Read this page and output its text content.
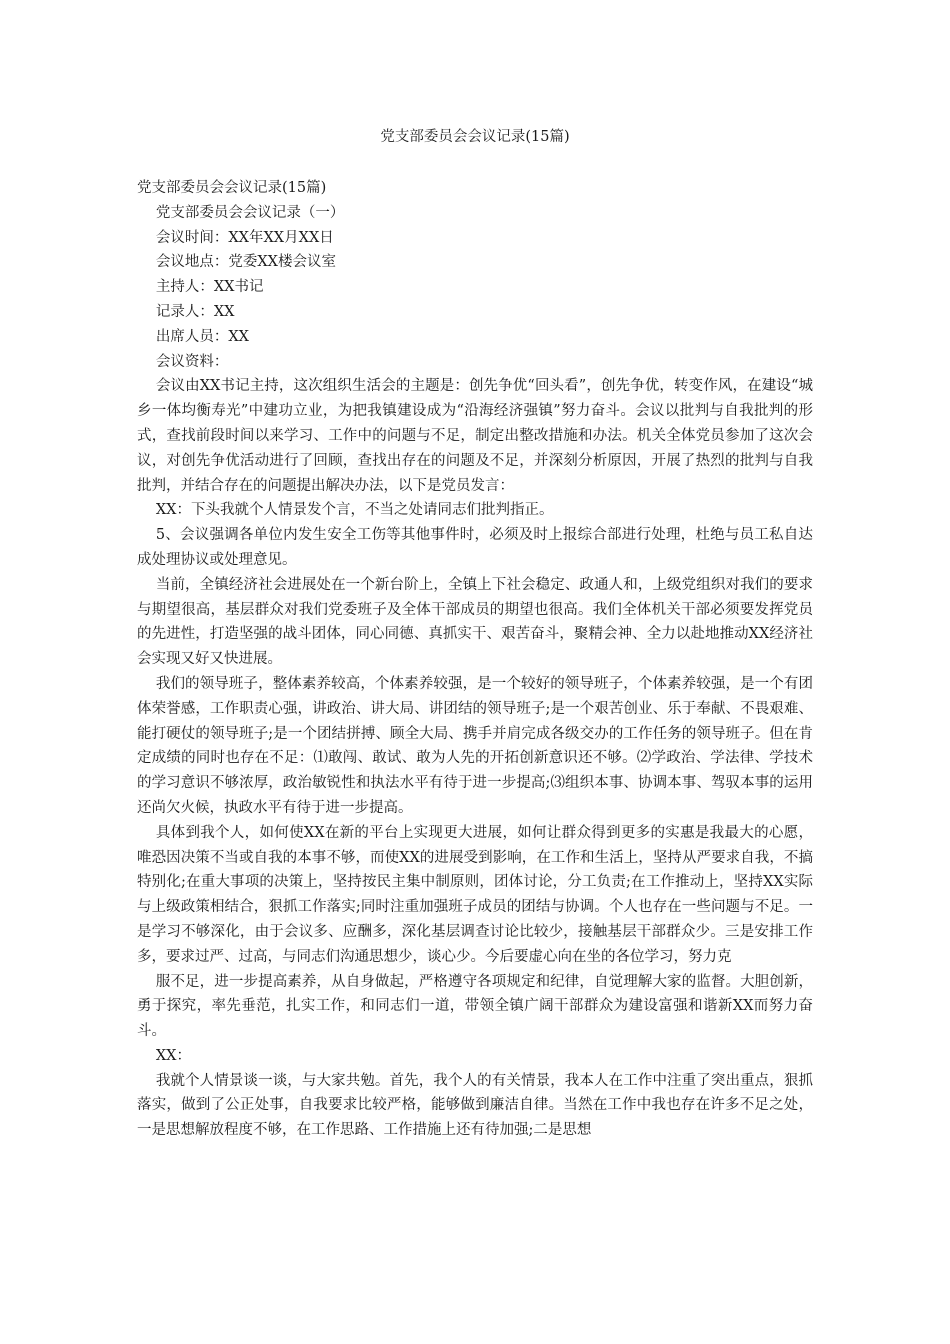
党支部委员会会议记录(15篇)

党支部委员会会议记录(15篇)

党支部委员会会议记录（一）

会议时间：XX年XX月XX日

会议地点：党委XX楼会议室

主持人：XX书记

记录人：XX

出席人员：XX

会议资料：

会议由XX书记主持，这次组织生活会的主题是：创先争优“回头看”，创先争优，转变作风，在建设“城乡一体均衡寿光”中建功立业，为把我镇建设成为“沿海经济强镇”努力奋斗。会议以批判与自我批判的形式，查找前段时间以来学习、工作中的问题与不足，制定出整改措施和办法。机关全体党员参加了这次会议，对创先争优活动进行了回顾，查找出存在的问题及不足，并深刻分析原因，开展了热烈的批判与自我批判，并结合存在的问题提出解决办法，以下是党员发言：

XX：下头我就个人情景发个言，不当之处请同志们批判指正。

5、会议强调各单位内发生安全工伤等其他事件时，必须及时上报综合部进行处理，杜绝与员工私自达成处理协议或处理意见。

当前，全镇经济社会进展处在一个新台阶上，全镇上下社会稳定、政通人和，上级党组织对我们的要求与期望很高，基层群众对我们党委班子及全体干部成员的期望也很高。我们全体机关干部必须要发挥党员的先进性，打造坚强的战斗团体，同心同德、真抓实干、艰苦奋斗，聚精会神、全力以赴地推动XX经济社会实现又好又快进展。

我们的领导班子，整体素养较高，个体素养较强，是一个较好的领导班子，个体素养较强，是一个有团体荣誉感，工作职责心强，讲政治、讲大局、讲团结的领导班子;是一个艰苦创业、乐于奉献、不畏艰难、能打硬仗的领导班子;是一个团结拼搏、顾全大局、携手并肩完成各级交办的工作任务的领导班子。但在肯定成绩的同时也存在不足：⑴敢闯、敢试、敢为人先的开拓创新意识还不够。⑵学政治、学法律、学技术的学习意识不够浓厚，政治敏锐性和执法水平有待于进一步提高;⑶组织本事、协调本事、驾驭本事的运用还尚欠火候，执政水平有待于进一步提高。

具体到我个人，如何使XX在新的平台上实现更大进展，如何让群众得到更多的实惠是我最大的心愿，唯恐因决策不当或自我的本事不够，而使XX的进展受到影响，在工作和生活上，坚持从严要求自我，不搞特别化;在重大事项的决策上，坚持按民主集中制原则，团体讨论，分工负责;在工作推动上，坚持XX实际与上级政策相结合，狠抓工作落实;同时注重加强班子成员的团结与协调。个人也存在一些问题与不足。一是学习不够深化，由于会议多、应酬多，深化基层调查讨论比较少，接触基层干部群众少。三是安排工作多，要求过严、过高，与同志们沟通思想少，谈心少。今后要虚心向在坐的各位学习，努力克

服不足，进一步提高素养，从自身做起，严格遵守各项规定和纪律，自觉理解大家的监督。大胆创新，勇于探究，率先垂范，扎实工作，和同志们一道，带领全镇广阔干部群众为建设富强和谐新XX而努力奋斗。

XX：

我就个人情景谈一谈，与大家共勉。首先，我个人的有关情景，我本人在工作中注重了突出重点，狠抓落实，做到了公正处事，自我要求比较严格，能够做到廉洁自律。当然在工作中我也存在许多不足之处，一是思想解放程度不够，在工作思路、工作措施上还有待加强;二是思想
